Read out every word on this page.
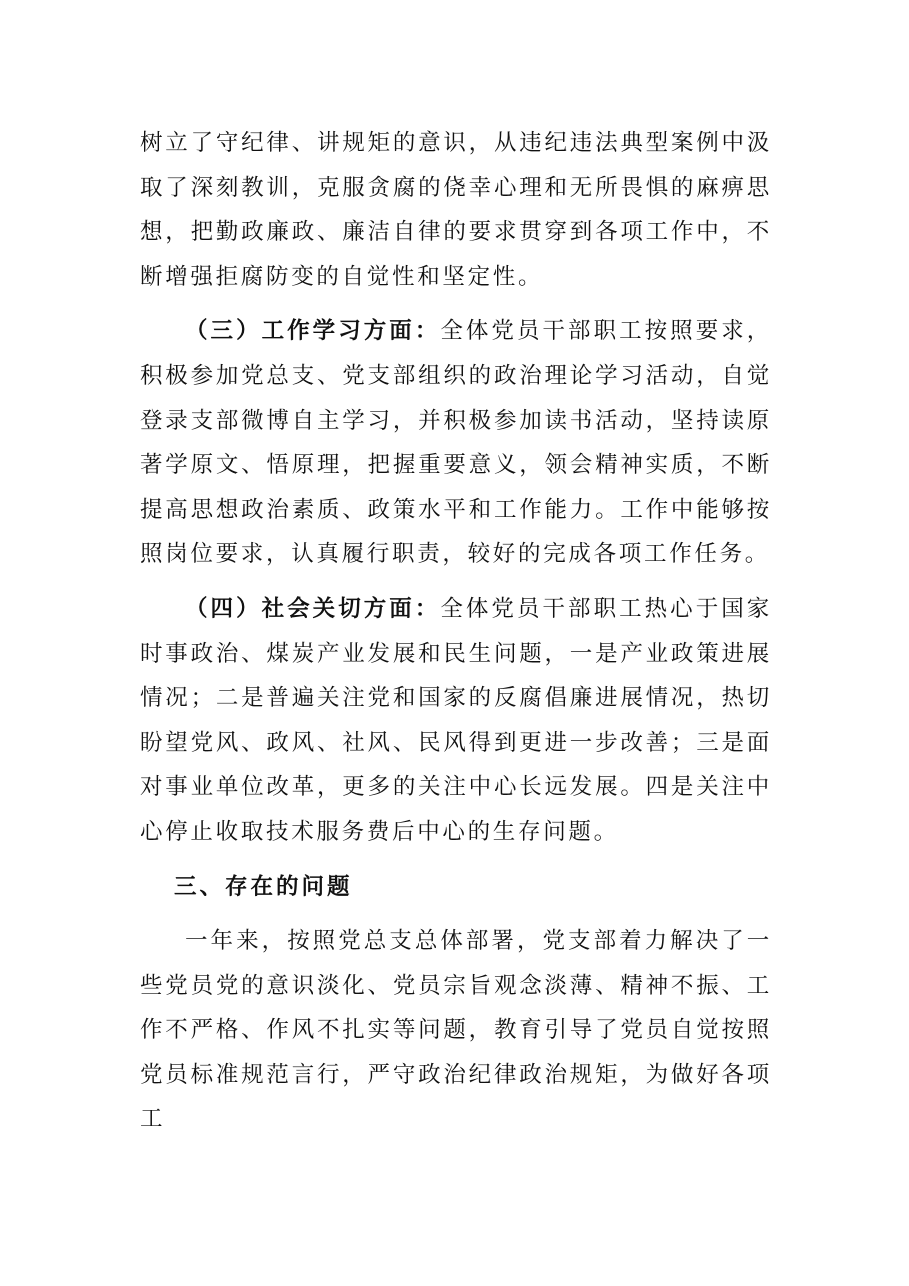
树立了守纪律、讲规矩的意识，从违纪违法典型案例中汲取了深刻教训，克服贪腐的侥幸心理和无所畏惧的麻痹思想，把勤政廉政、廉洁自律的要求贯穿到各项工作中，不断增强拒腐防变的自觉性和坚定性。

（三）工作学习方面：全体党员干部职工按照要求，积极参加党总支、党支部组织的政治理论学习活动，自觉登录支部微博自主学习，并积极参加读书活动，坚持读原著学原文、悟原理，把握重要意义，领会精神实质，不断提高思想政治素质、政策水平和工作能力。工作中能够按照岗位要求，认真履行职责，较好的完成各项工作任务。

（四）社会关切方面：全体党员干部职工热心于国家时事政治、煤炭产业发展和民生问题，一是产业政策进展情况；二是普遍关注党和国家的反腐倡廉进展情况，热切盼望党风、政风、社风、民风得到更进一步改善；三是面对事业单位改革，更多的关注中心长远发展。四是关注中心停止收取技术服务费后中心的生存问题。

三、存在的问题

一年来，按照党总支总体部署，党支部着力解决了一些党员党的意识淡化、党员宗旨观念淡薄、精神不振、工作不严格、作风不扎实等问题，教育引导了党员自觉按照党员标准规范言行，严守政治纪律政治规矩，为做好各项工
